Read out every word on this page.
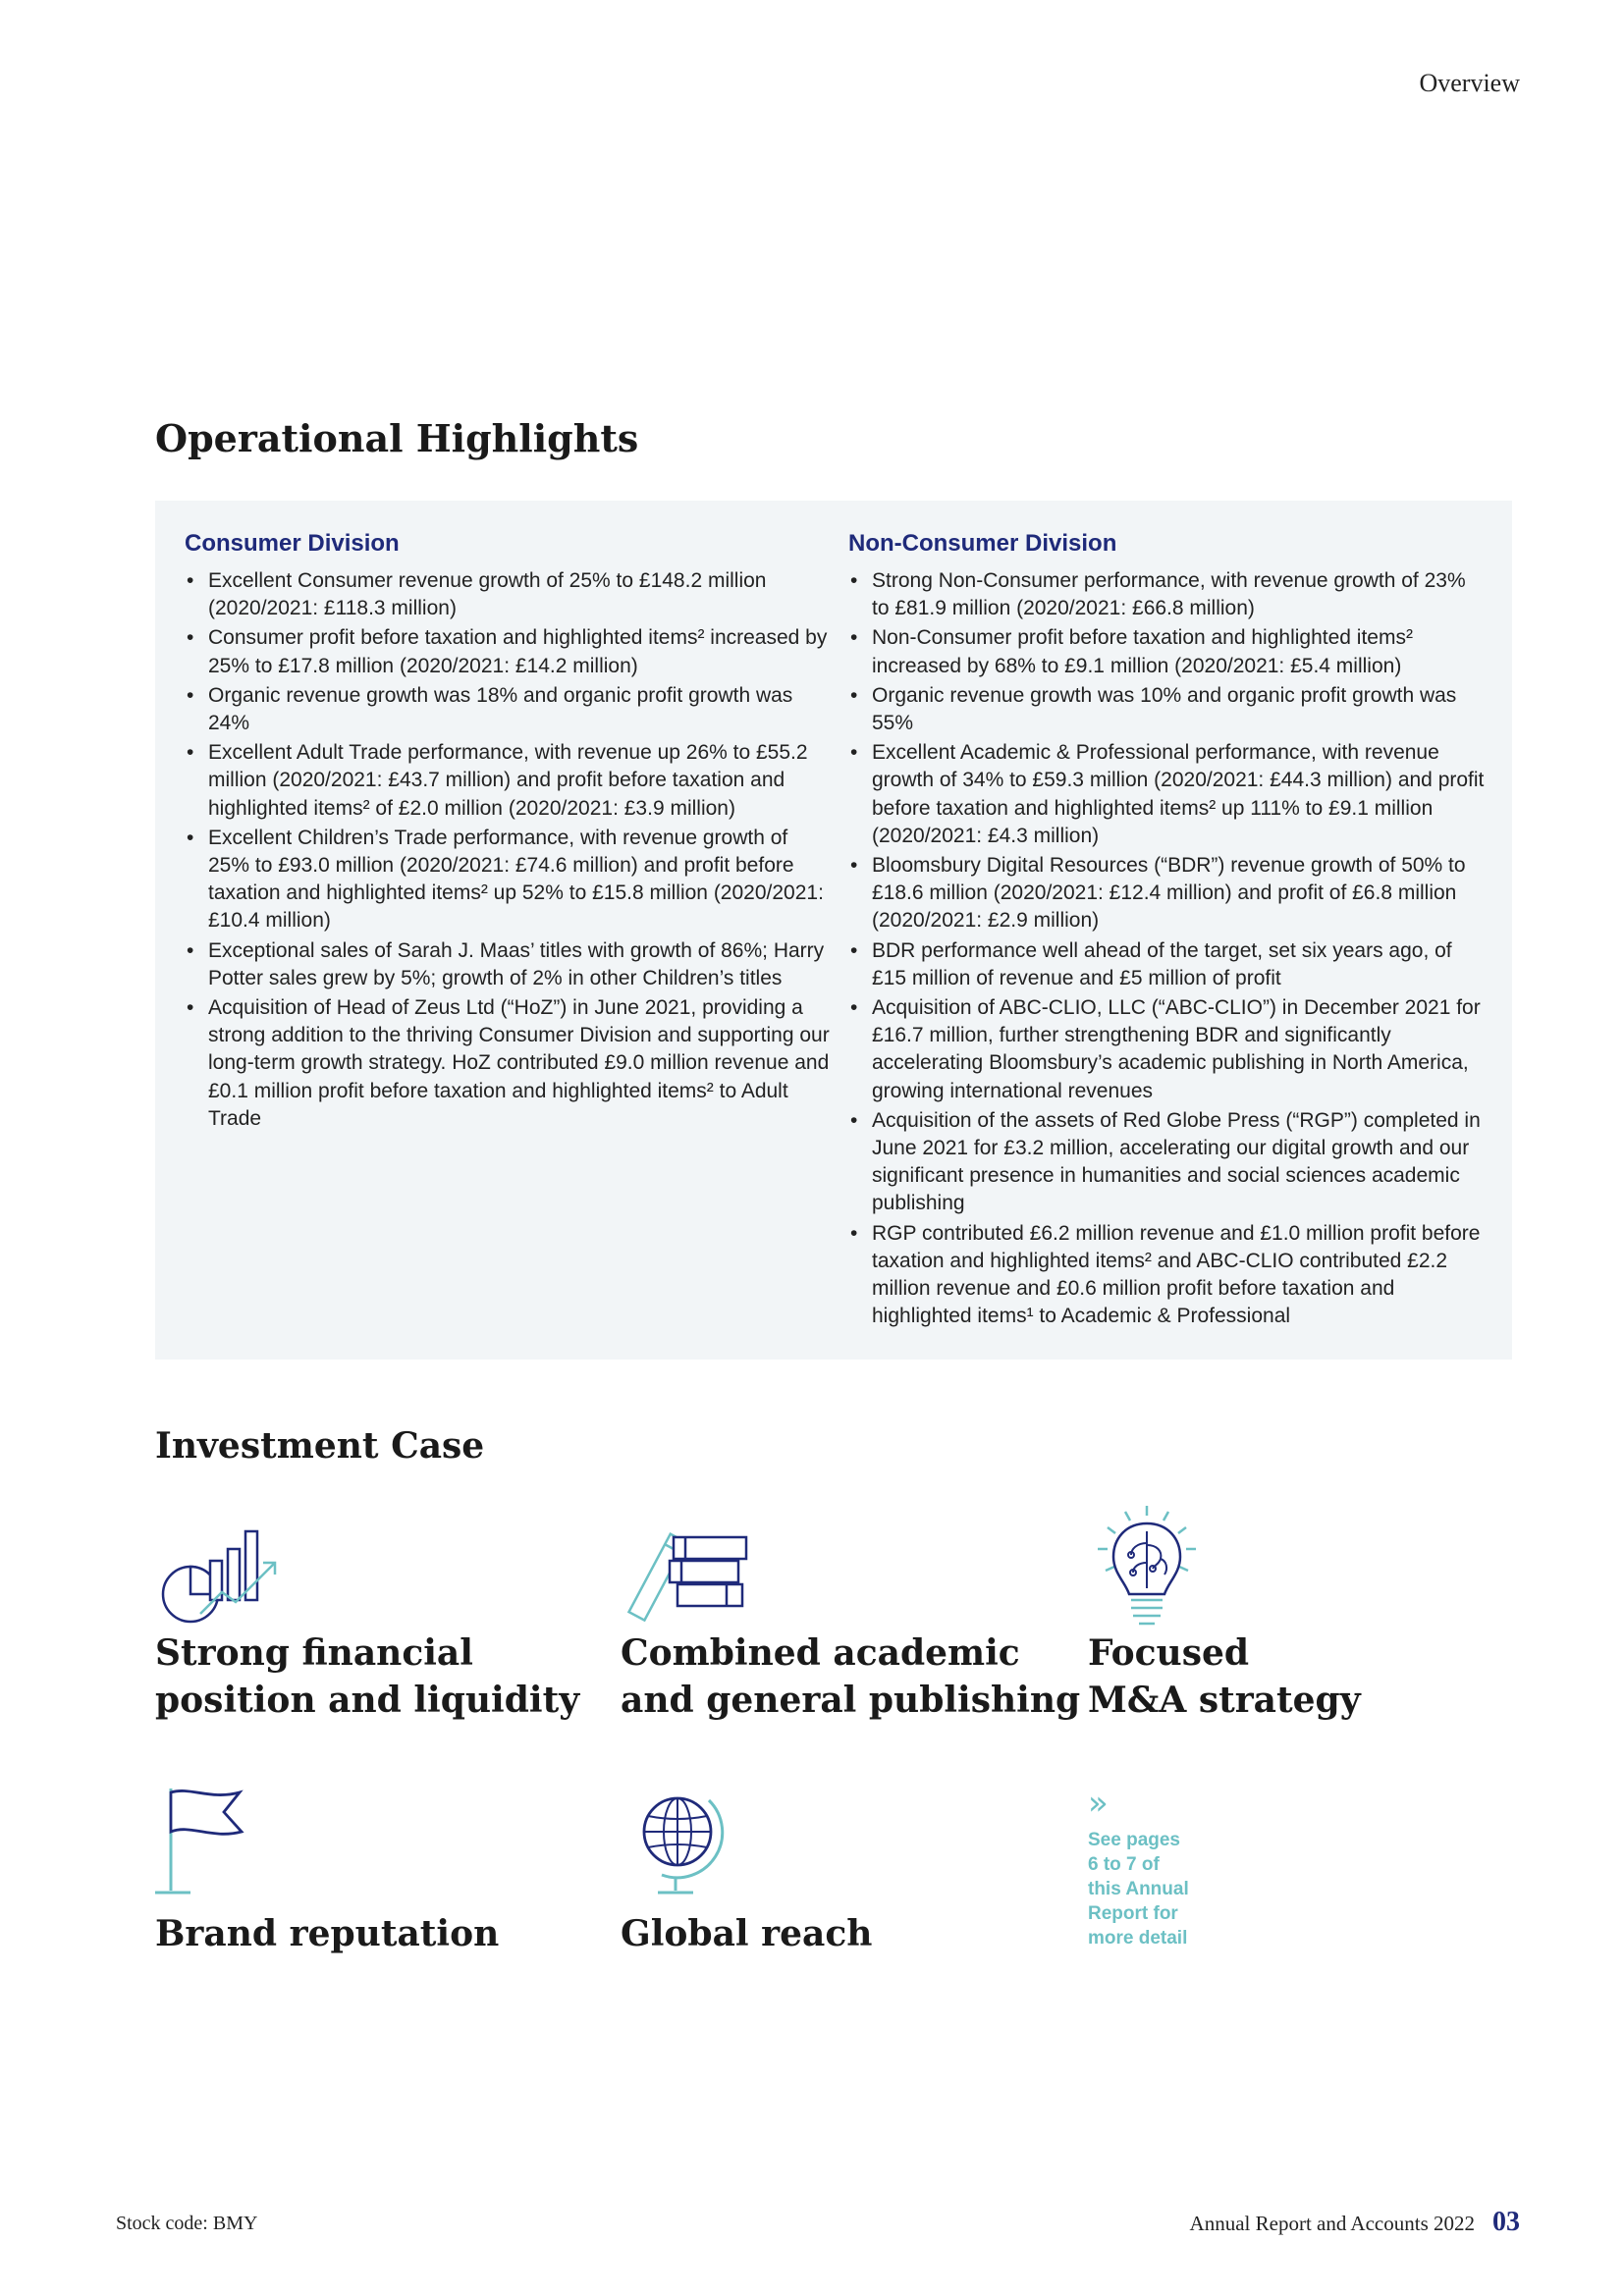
Overview
Operational Highlights
Consumer Division
• Excellent Consumer revenue growth of 25% to £148.2 million (2020/2021: £118.3 million)
• Consumer profit before taxation and highlighted items² increased by 25% to £17.8 million (2020/2021: £14.2 million)
• Organic revenue growth was 18% and organic profit growth was 24%
• Excellent Adult Trade performance, with revenue up 26% to £55.2 million (2020/2021: £43.7 million) and profit before taxation and highlighted items² of £2.0 million (2020/2021: £3.9 million)
• Excellent Children’s Trade performance, with revenue growth of 25% to £93.0 million (2020/2021: £74.6 million) and profit before taxation and highlighted items² up 52% to £15.8 million (2020/2021: £10.4 million)
• Exceptional sales of Sarah J. Maas’ titles with growth of 86%; Harry Potter sales grew by 5%; growth of 2% in other Children’s titles
• Acquisition of Head of Zeus Ltd (“HoZ”) in June 2021, providing a strong addition to the thriving Consumer Division and supporting our long-term growth strategy. HoZ contributed £9.0 million revenue and £0.1 million profit before taxation and highlighted items² to Adult Trade
Non-Consumer Division
• Strong Non-Consumer performance, with revenue growth of 23% to £81.9 million (2020/2021: £66.8 million)
• Non-Consumer profit before taxation and highlighted items² increased by 68% to £9.1 million (2020/2021: £5.4 million)
• Organic revenue growth was 10% and organic profit growth was 55%
• Excellent Academic & Professional performance, with revenue growth of 34% to £59.3 million (2020/2021: £44.3 million) and profit before taxation and highlighted items² up 111% to £9.1 million (2020/2021: £4.3 million)
• Bloomsbury Digital Resources (“BDR”) revenue growth of 50% to £18.6 million (2020/2021: £12.4 million) and profit of £6.8 million (2020/2021: £2.9 million)
• BDR performance well ahead of the target, set six years ago, of £15 million of revenue and £5 million of profit
• Acquisition of ABC-CLIO, LLC (“ABC-CLIO”) in December 2021 for £16.7 million, further strengthening BDR and significantly accelerating Bloomsbury’s academic publishing in North America, growing international revenues
• Acquisition of the assets of Red Globe Press (“RGP”) completed in June 2021 for £3.2 million, accelerating our digital growth and our significant presence in humanities and social sciences academic publishing
• RGP contributed £6.2 million revenue and £1.0 million profit before taxation and highlighted items² and ABC-CLIO contributed £2.2 million revenue and £0.6 million profit before taxation and highlighted items¹ to Academic & Professional
Investment Case
Strong financial
position and liquidity
Combined academic
and general publishing
Focused
M&A strategy
Brand reputation	Global reach
»
See pages
6 to 7 of
this Annual
Report for
more detail
Stock code: BMY	Annual Report and Accounts 2022 03
